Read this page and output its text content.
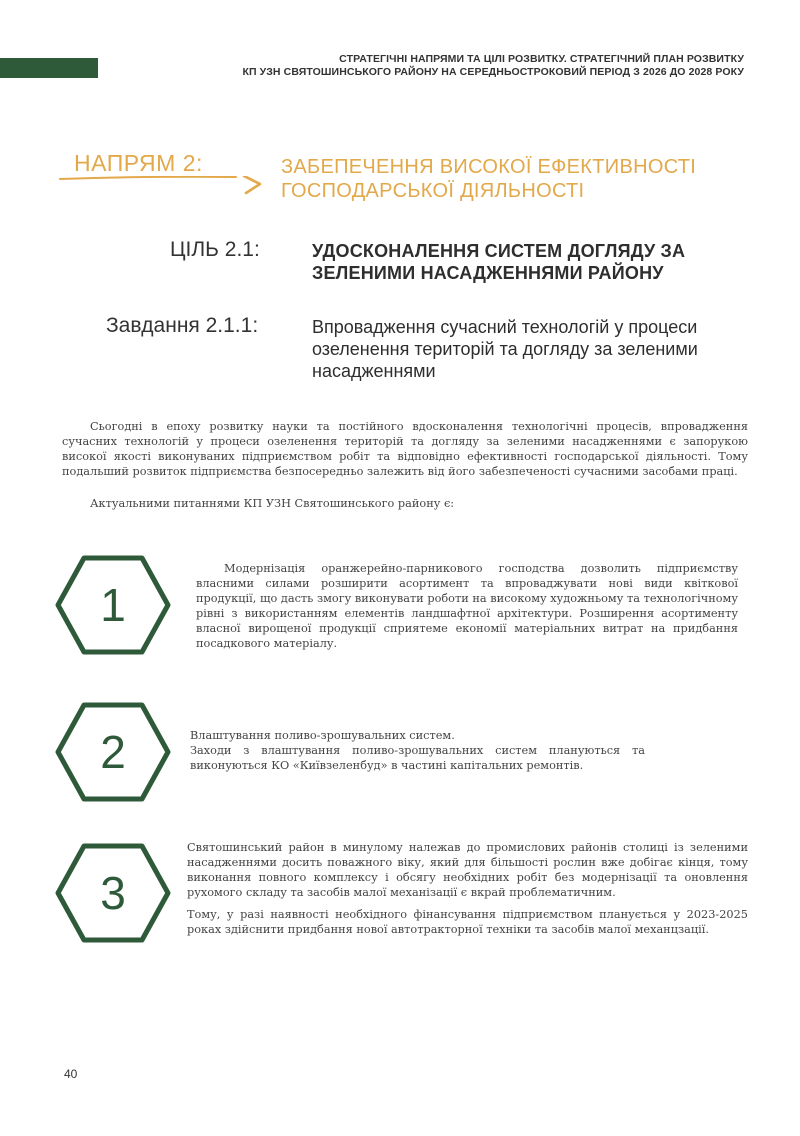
СТРАТЕГІЧНІ НАПРЯМИ ТА ЦІЛІ РОЗВИТКУ. СТРАТЕГІЧНИЙ ПЛАН РОЗВИТКУ
КП УЗН СВЯТОШИНСЬКОГО РАЙОНУ НА СЕРЕДНЬОСТРОКОВИЙ ПЕРІОД З 2026 ДО 2028 РОКУ
НАПРЯМ 2:	ЗАБЕПЕЧЕННЯ ВИСОКОЇ ЕФЕКТИВНОСТІ ГОСПОДАРСЬКОЇ ДІЯЛЬНОСТІ
ЦІЛЬ 2.1:	УДОСКОНАЛЕННЯ СИСТЕМ ДОГЛЯДУ ЗА ЗЕЛЕНИМИ НАСАДЖЕННЯМИ РАЙОНУ
Завдання 2.1.1:	Впровадження сучасний технологій у процеси озеленення територій та догляду за зеленими насадженнями

Сьогодні в епоху розвитку науки та постійного вдосконалення технологічні процесів, впровадження сучасних технологій у процеси озеленення територій та догляду за зеленими насадженнями є запорукою високої якості виконуваних підприємством робіт та відповідно ефективності господарської діяльності. Тому подальший розвиток підприємства безпосередньо залежить від його забезпеченості сучасними засобами праці.

Актуальними питаннями КП УЗН Святошинського району є:

1

Модернізація оранжерейно-парникового господства дозволить підприємству власними силами розширити асортимент та впроваджувати нові види квіткової продукції, що дасть змогу виконувати роботи на високому художньому та технологічному рівні з використанням елементів ландшафтної архітектури. Розширення асортименту власної вирощеної продукції сприятеме економії матеріальних витрат на придбання посадкового матеріалу.

2	Влаштування поливо-зрошувальних систем.

Заходи з влаштування поливо-зрошувальних систем плануються та виконуються КО «Київзеленбуд» в частині капітальних ремонтів.

3

Святошинський район в минулому належав до промислових районів столиці із зеленими насадженнями досить поважного віку, який для більшості рослин вже добігає кінця, тому виконання повного комплексу і обсягу необхідних робіт без модернізації та оновлення рухомого складу та засобів малої механізації є вкрай проблематичним.

Тому, у разі наявності необхідного фінансування підприємством планується у 2023-2025 роках здійснити придбання нової автотракторної техніки та засобів малої механцзації.

40
